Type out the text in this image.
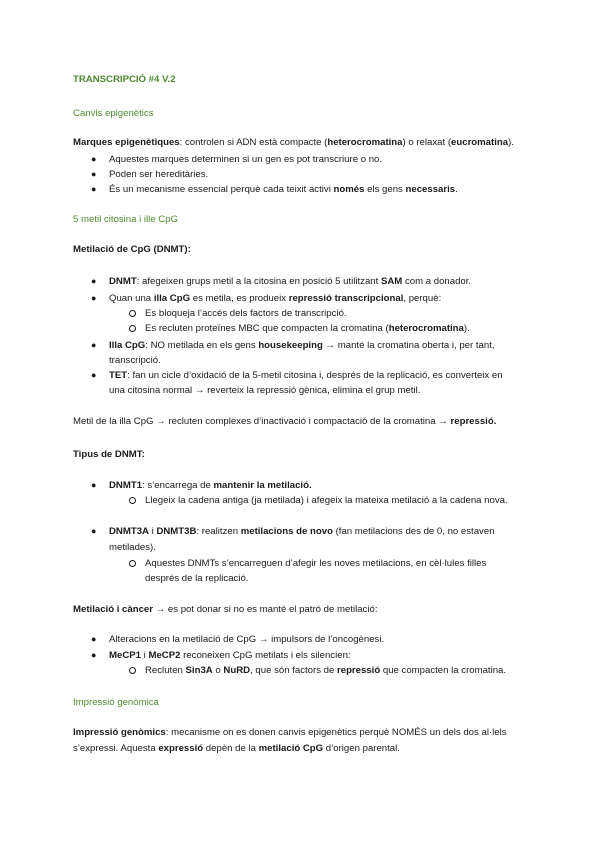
TRANSCRIPCIÓ #4 V.2
Canvis epigenètics
Marques epigenètiques: controlen si ADN està compacte (heterocromatina) o relaxat (eucromatina).
● Aquestes marques determinen si un gen es pot transcriure o no.
● Poden ser hereditàries.
● És un mecanisme essencial perquè cada teixit activi només els gens necessaris.
5 metil citosina i ille CpG
Metilació de CpG (DNMT):
● DNMT: afegeixen grups metil a la citosina en posició 5 utilitzant SAM com a donador.
● Quan una illa CpG es metila, es produeix repressió transcripcional, perquè:
Es bloqueja l’accés dels factors de transcripció.
Es recluten proteïnes MBC que compacten la cromatina (heterocromatina).
● Illa CpG: NO metilada en els gens housekeeping → manté la cromatina oberta i, per tant,
transcripció.
● TET: fan un cicle d’oxidació de la 5-metil citosina i, després de la replicació, es converteix en
una citosina normal → reverteix la repressió gènica, elimina el grup metil.
Metil de la illa CpG → recluten complexes d’inactivació i compactació de la cromatina → repressió.
Tipus de DNMT:
● DNMT1: s’encarrega de mantenir la metilació.
Llegeix la cadena antiga (ja metilada) i afegeix la mateixa metilació a la cadena nova.
● DNMT3A i DNMT3B: realitzen metilacions de novo (fan metilacions des de 0, no estaven
metilades).
Aquestes DNMTs s’encarreguen d’afegir les noves metilacions, en cèl·lules filles
després de la replicació.
Metilació i càncer → es pot donar si no es manté el patró de metilació:
● Alteracions en la metilació de CpG → impulsors de l’oncogènesi.
● MeCP1 i MeCP2 reconeixen CpG metilats i els silencien:
Recluten Sin3A o NuRD, que són factors de repressió que compacten la cromatina.
Impressió genòmica
Impressió genòmics: mecanisme on es donen canvis epigenètics perquè NOMÉS un dels dos al·lels
s’expressi. Aquesta expressió depèn de la metilació CpG d’origen parental.
